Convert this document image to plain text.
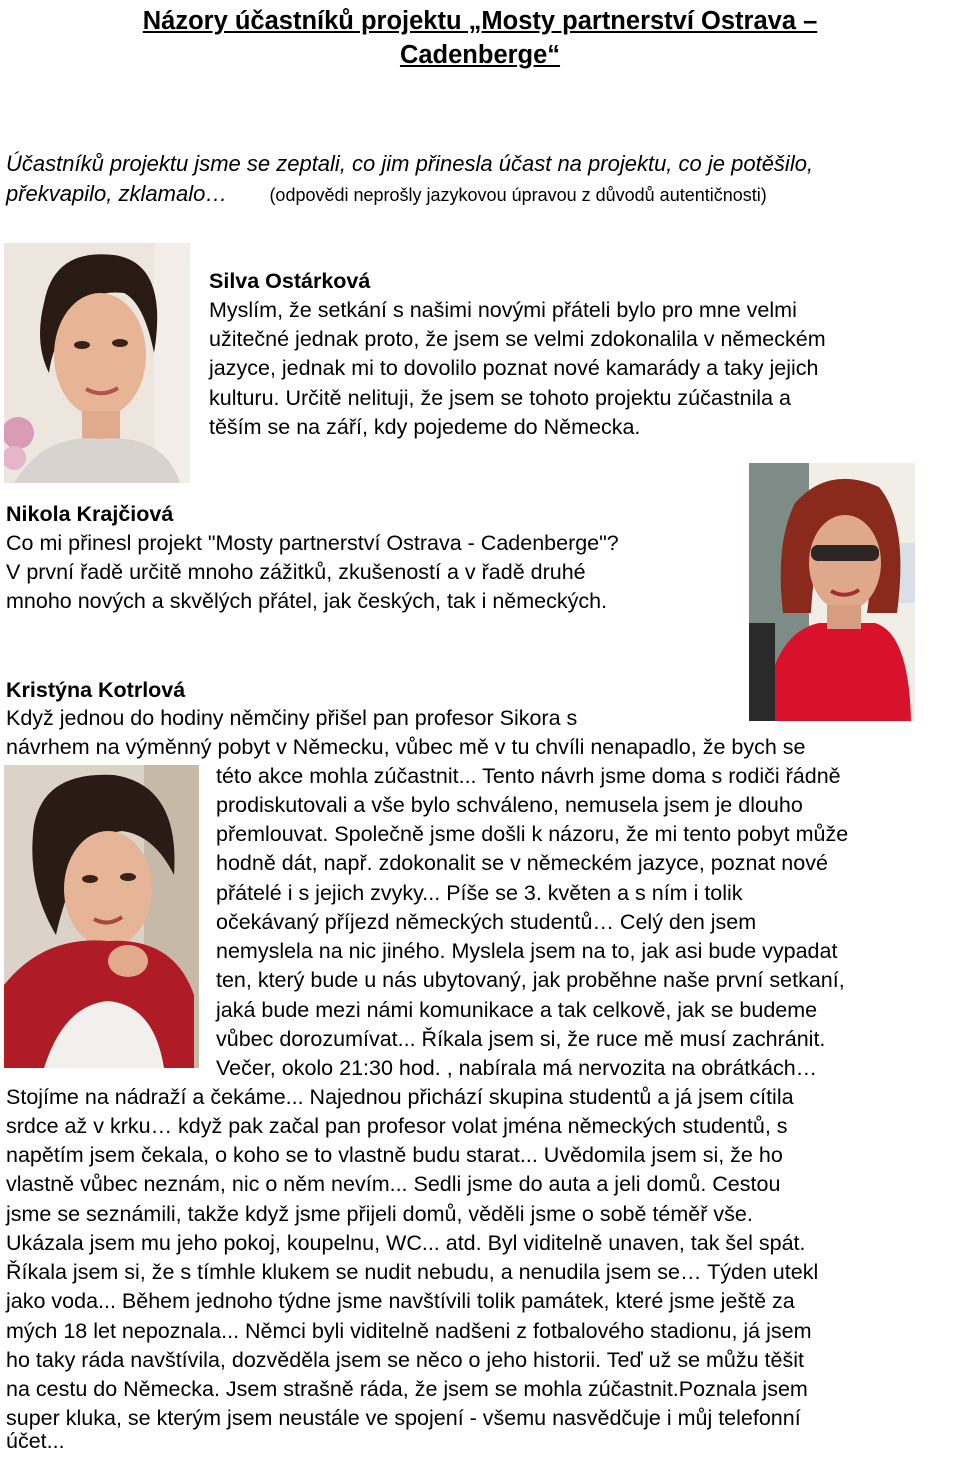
Názory účastníků projektu „Mosty partnerství Ostrava –
Cadenberge“
Účastníků projektu jsme se zeptali, co jim přinesla účast na projektu, co je potěšilo,
překvapilo, zklamalo… (odpovědi neprošly jazykovou úpravou z důvodů autentičnosti)
Silva Ostárková
Myslím, že setkání s našimi novými přáteli bylo pro mne velmi
užitečné jednak proto, že jsem se velmi zdokonalila v německém
jazyce, jednak mi to dovolilo poznat nové kamarády a taky jejich
kulturu. Určitě nelituji, že jsem se tohoto projektu zúčastnila a
těším se na září, kdy pojedeme do Německa.
Nikola Krajčiová
Co mi přinesl projekt "Mosty partnerství Ostrava - Cadenberge"?
V první řadě určitě mnoho zážitků, zkušeností a v řadě druhé
mnoho nových a skvělých přátel, jak českých, tak i německých.
Kristýna Kotrlová
Když jednou do hodiny němčiny přišel pan profesor Sikora s
návrhem na výměnný pobyt v Německu, vůbec mě v tu chvíli nenapadlo, že bych se
této akce mohla zúčastnit... Tento návrh jsme doma s rodiči řádně
prodiskutovali a vše bylo schváleno, nemusela jsem je dlouho
přemlouvat. Společně jsme došli k názoru, že mi tento pobyt může
hodně dát, např. zdokonalit se v německém jazyce, poznat nové
přátelé i s jejich zvyky... Píše se 3. květen a s ním i tolik
očekávaný příjezd německých studentů… Celý den jsem
nemyslela na nic jiného. Myslela jsem na to, jak asi bude vypadat
ten, který bude u nás ubytovaný, jak proběhne naše první setkaní,
jaká bude mezi námi komunikace a tak celkově, jak se budeme
vůbec dorozumívat... Říkala jsem si, že ruce mě musí zachránit.
Večer, okolo 21:30 hod. , nabírala má nervozita na obrátkách…
Stojíme na nádraží a čekáme... Najednou přichází skupina studentů a já jsem cítila
srdce až v krku… když pak začal pan profesor volat jména německých studentů, s
napětím jsem čekala, o koho se to vlastně budu starat... Uvědomila jsem si, že ho
vlastně vůbec neznám, nic o něm nevím... Sedli jsme do auta a jeli domů. Cestou
jsme se seznámili, takže když jsme přijeli domů, věděli jsme o sobě téměř vše.
Ukázala jsem mu jeho pokoj, koupelnu, WC... atd. Byl viditelně unaven, tak šel spát.
Říkala jsem si, že s tímhle klukem se nudit nebudu, a nenudila jsem se… Týden utekl
jako voda... Během jednoho týdne jsme navštívili tolik památek, které jsme ještě za
mých 18 let nepoznala... Němci byli viditelně nadšeni z fotbalového stadionu, já jsem
ho taky ráda navštívila, dozvěděla jsem se něco o jeho historii. Teď už se můžu těšit
na cestu do Německa. Jsem strašně ráda, že jsem se mohla zúčastnit.Poznala jsem
super kluka, se kterým jsem neustále ve spojení - všemu nasvědčuje i můj telefonní
účet...
